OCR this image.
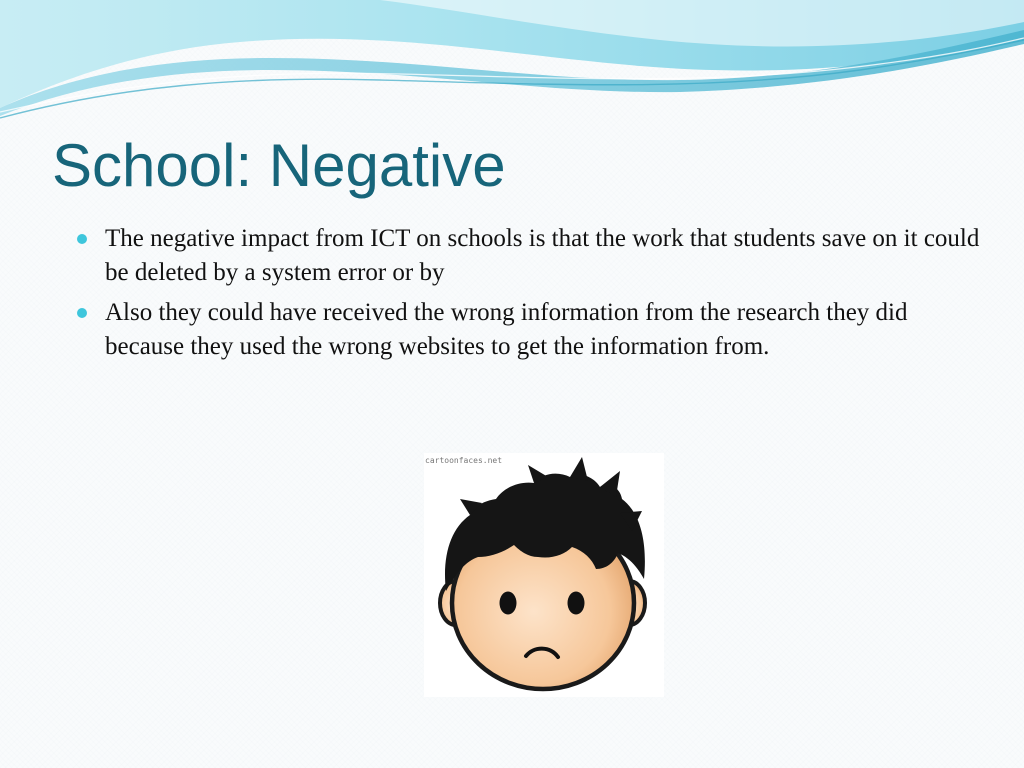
School: Negative
The negative impact from ICT on schools is that the work that students save on it could be deleted by a system error or by
Also they could have received the wrong information from the research they did because they used the wrong websites to get the information from.
cartoonfaces.net
